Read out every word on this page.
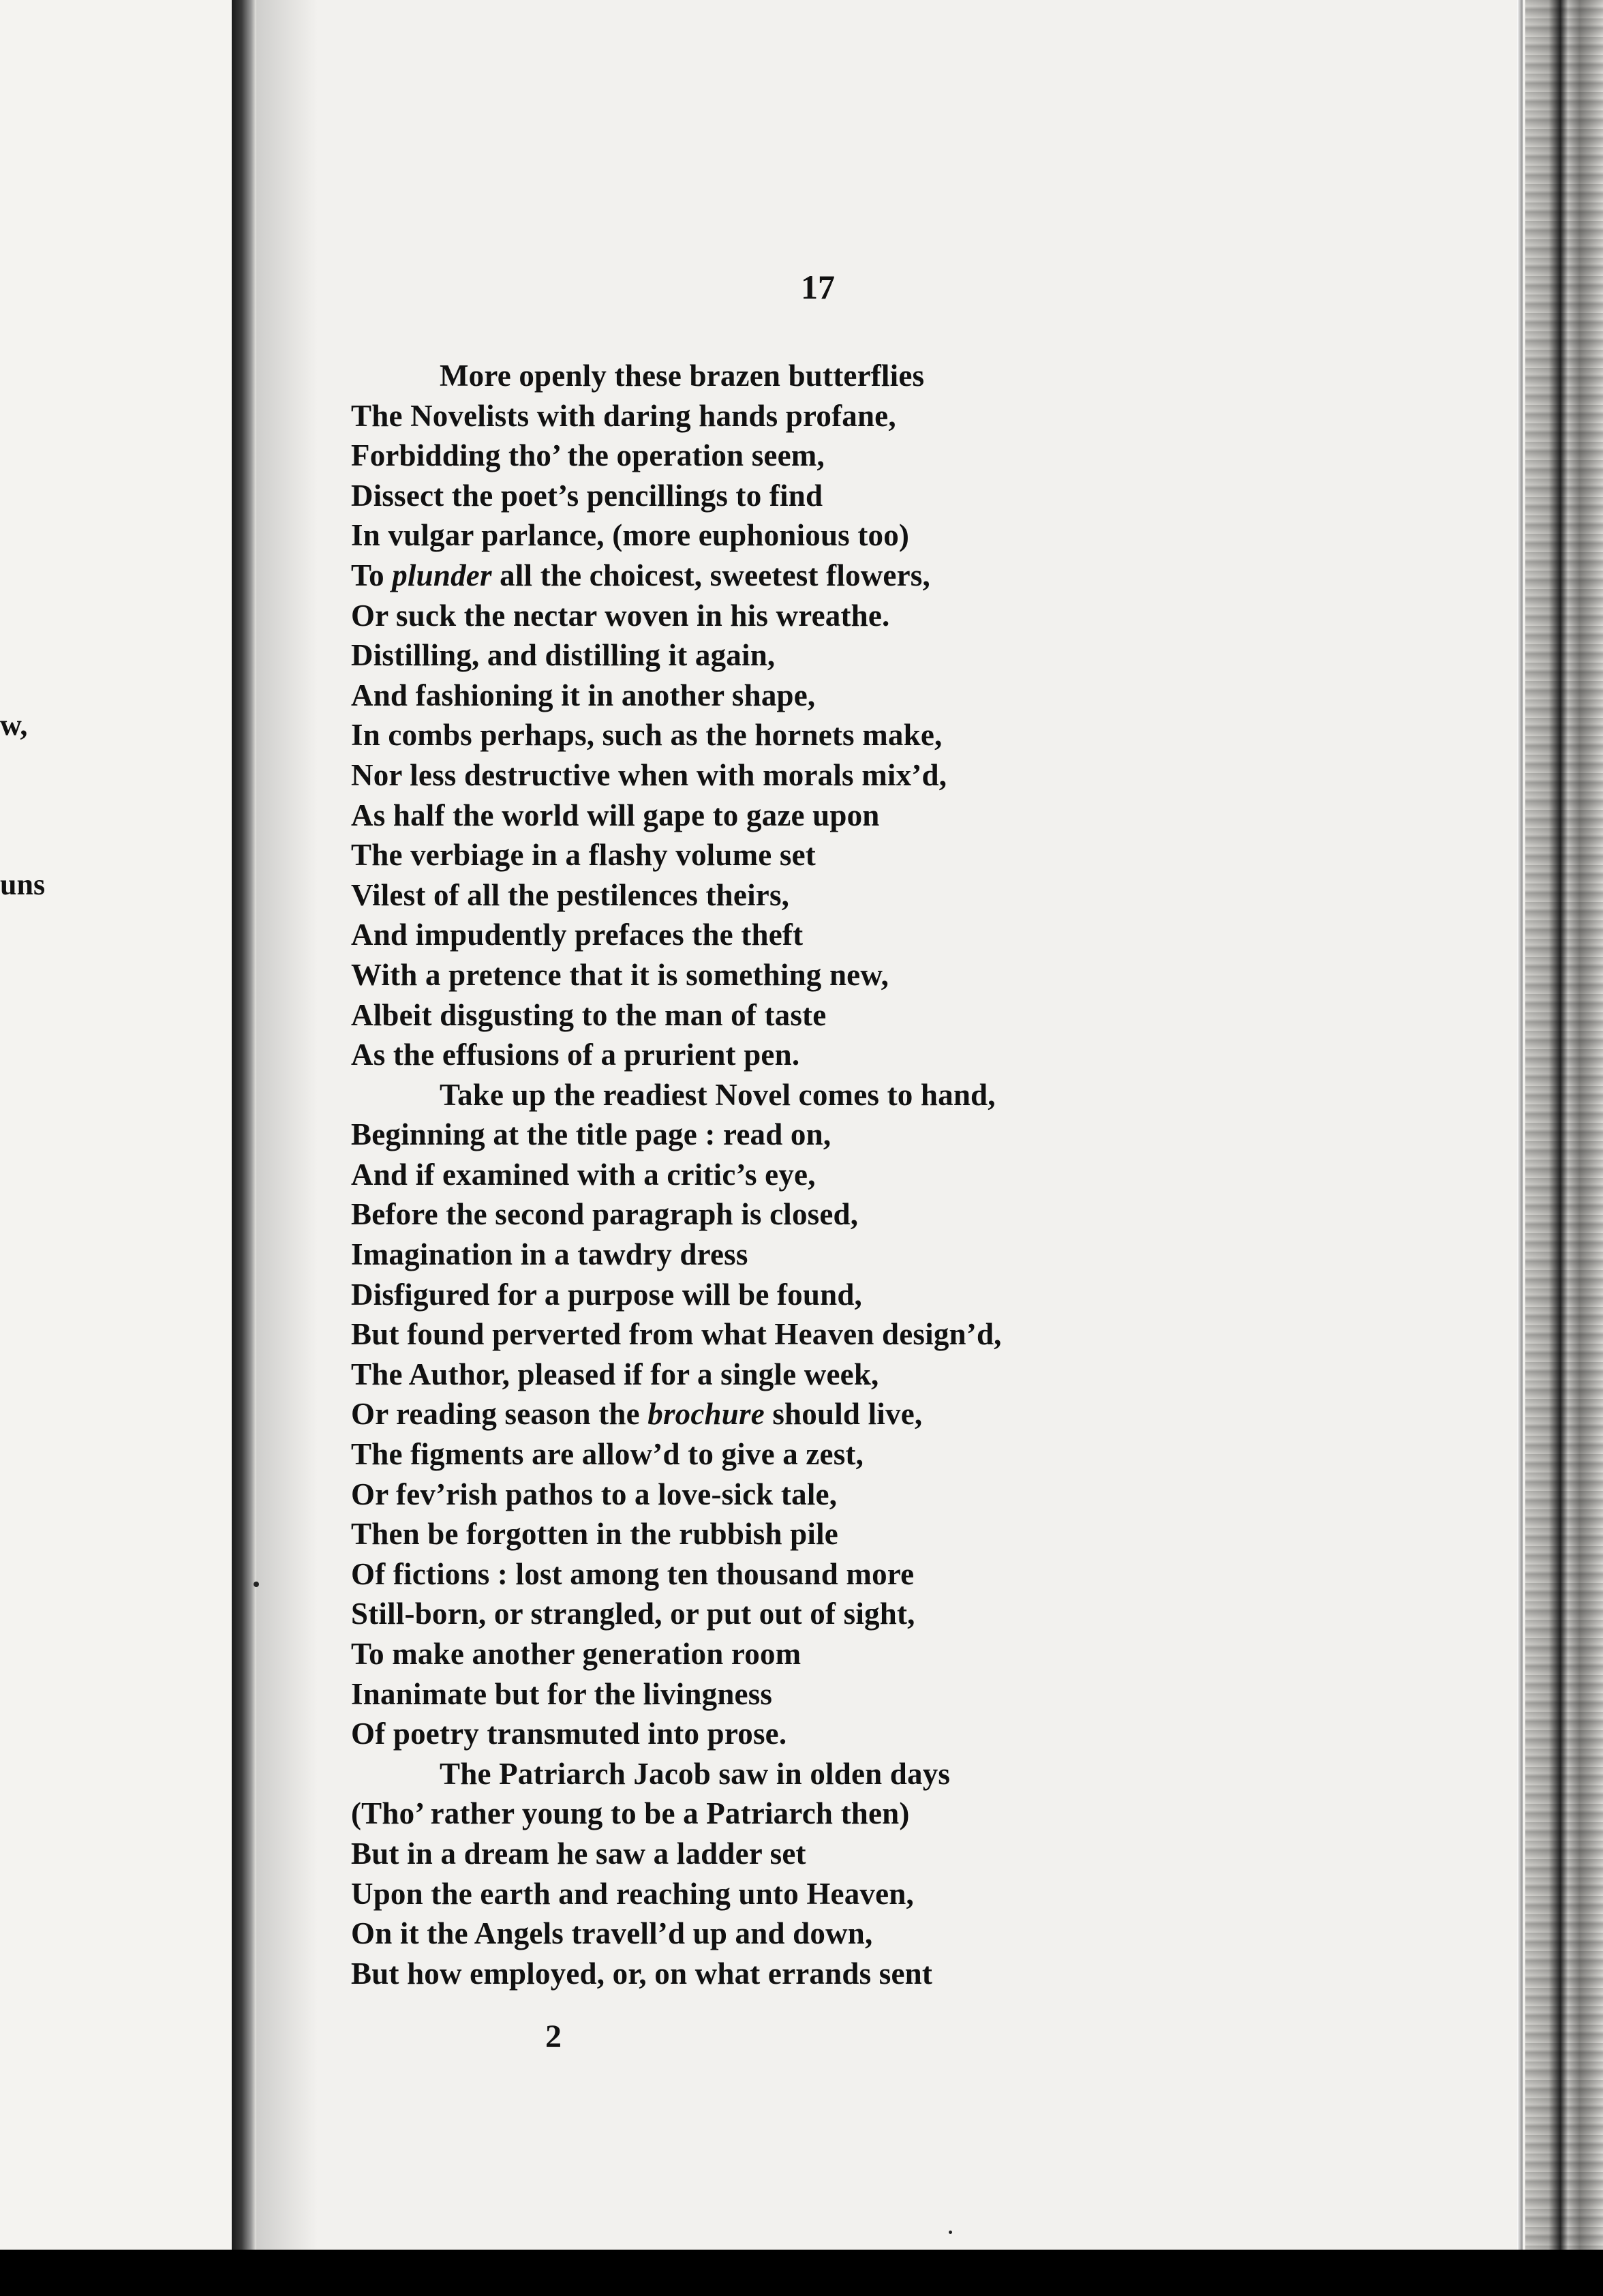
w,
uns
17
More openly these brazen butterflies
The Novelists with daring hands profane,
Forbidding tho’ the operation seem,
Dissect the poet’s pencillings to find
In vulgar parlance, (more euphonious too)
To plunder all the choicest, sweetest flowers,
Or suck the nectar woven in his wreathe.
Distilling, and distilling it again,
And fashioning it in another shape,
In combs perhaps, such as the hornets make,
Nor less destructive when with morals mix’d,
As half the world will gape to gaze upon
The verbiage in a flashy volume set
Vilest of all the pestilences theirs,
And impudently prefaces the theft
With a pretence that it is something new,
Albeit disgusting to the man of taste
As the effusions of a prurient pen.
Take up the readiest Novel comes to hand,
Beginning at the title page : read on,
And if examined with a critic’s eye,
Before the second paragraph is closed,
Imagination in a tawdry dress
Disfigured for a purpose will be found,
But found perverted from what Heaven design’d,
The Author, pleased if for a single week,
Or reading season the brochure should live,
The figments are allow’d to give a zest,
Or fev’rish pathos to a love-sick tale,
Then be forgotten in the rubbish pile
Of fictions : lost among ten thousand more
Still-born, or strangled, or put out of sight,
To make another generation room
Inanimate but for the livingness
Of poetry transmuted into prose.
The Patriarch Jacob saw in olden days
(Tho’ rather young to be a Patriarch then)
But in a dream he saw a ladder set
Upon the earth and reaching unto Heaven,
On it the Angels travell’d up and down,
But how employed, or, on what errands sent
2
